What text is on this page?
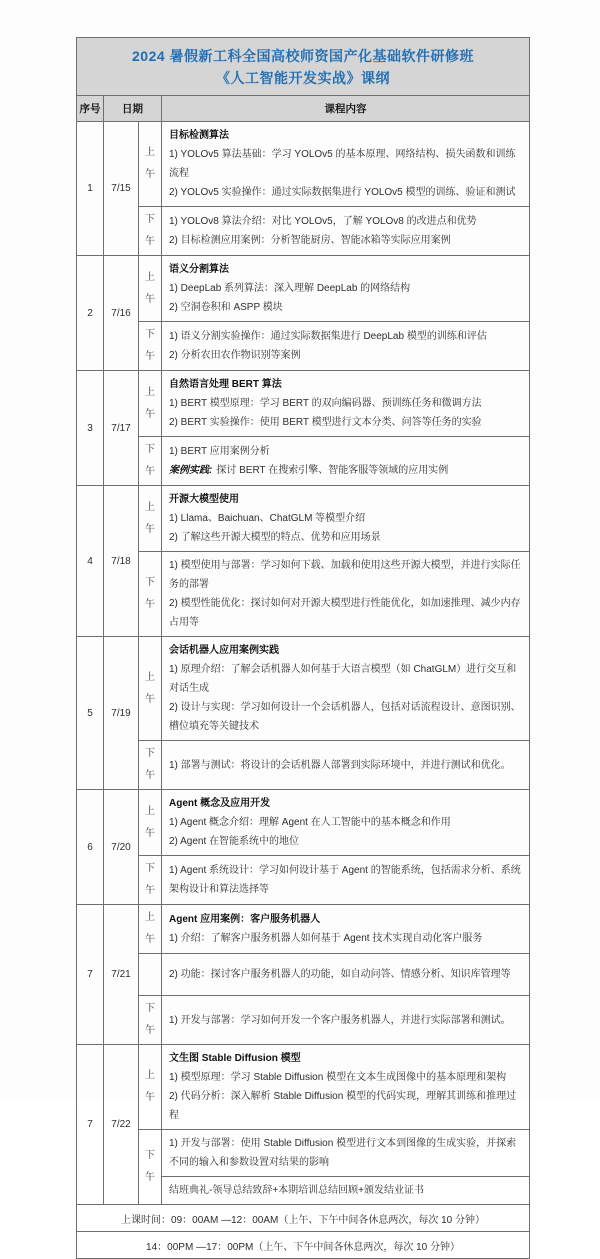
2024 暑假新工科全国高校师资国产化基础软件研修班
《人工智能开发实战》课纲			

序号	日期		课程内容
1	7/15	上午	目标检测算法
1) YOLOv5 算法基础：学习 YOLOv5 的基本原理、网络结构、损失函数和训练流程
2) YOLOv5 实验操作：通过实际数据集进行 YOLOv5 模型的训练、验证和测试

		下午	1) YOLOv8 算法介绍：对比 YOLOv5，了解 YOLOv8 的改进点和优势
2) 目标检测应用案例：分析智能厨房、智能冰箱等实际应用案例

2	7/16	上午	语义分割算法
1) DeepLab 系列算法：深入理解 DeepLab 的网络结构
2) 空洞卷积和 ASPP 模块

		下午	1) 语义分割实验操作：通过实际数据集进行 DeepLab 模型的训练和评估
2) 分析农田农作物识别等案例

3	7/17	上午	自然语言处理 BERT 算法
1) BERT 模型原理：学习 BERT 的双向编码器、预训练任务和微调方法
2) BERT 实验操作：使用 BERT 模型进行文本分类、问答等任务的实验

		下午	1) BERT 应用案例分析
案例实践: 探讨 BERT 在搜索引擎、智能客服等领域的应用实例

4	7/18	上午	开源大模型使用
1) Llama、Baichuan、ChatGLM 等模型介绍
2) 了解这些开源大模型的特点、优势和应用场景

		下午	1) 模型使用与部署：学习如何下载、加载和使用这些开源大模型，并进行实际任务的部署
2) 模型性能优化：探讨如何对开源大模型进行性能优化，如加速推理、减少内存占用等

5	7/19	上午	会话机器人应用案例实践
1) 原理介绍：了解会话机器人如何基于大语言模型（如 ChatGLM）进行交互和对话生成
2) 设计与实现：学习如何设计一个会话机器人，包括对话流程设计、意图识别、槽位填充等关键技术

		下午	1) 部署与测试：将设计的会话机器人部署到实际环境中，并进行测试和优化。

6	7/20	上午	Agent 概念及应用开发
1) Agent 概念介绍：理解 Agent 在人工智能中的基本概念和作用
2) Agent 在智能系统中的地位

		下午	1) Agent 系统设计：学习如何设计基于 Agent 的智能系统，包括需求分析、系统架构设计和算法选择等

7	7/21	上午	Agent 应用案例：客户服务机器人
1) 介绍：了解客户服务机器人如何基于 Agent 技术实现自动化客户服务

			2) 功能：探讨客户服务机器人的功能，如自动问答、情感分析、知识库管理等

		下午	1) 开发与部署：学习如何开发一个客户服务机器人，并进行实际部署和测试。

7	7/22	上午	文生图 Stable Diffusion 模型
1) 模型原理：学习 Stable Diffusion 模型在文本生成图像中的基本原理和架构
2) 代码分析：深入解析 Stable Diffusion 模型的代码实现，理解其训练和推理过程

		下午	1) 开发与部署：使用 Stable Diffusion 模型进行文本到图像的生成实验，并探索不同的输入和参数设置对结果的影响

			结班典礼-领导总结致辞+本期培训总结回顾+颁发结业证书

上课时间：09：00AM —12：00AM（上午、下午中间各休息两次，每次 10 分钟）			
14：00PM —17：00PM（上午、下午中间各休息两次，每次 10 分钟）			
